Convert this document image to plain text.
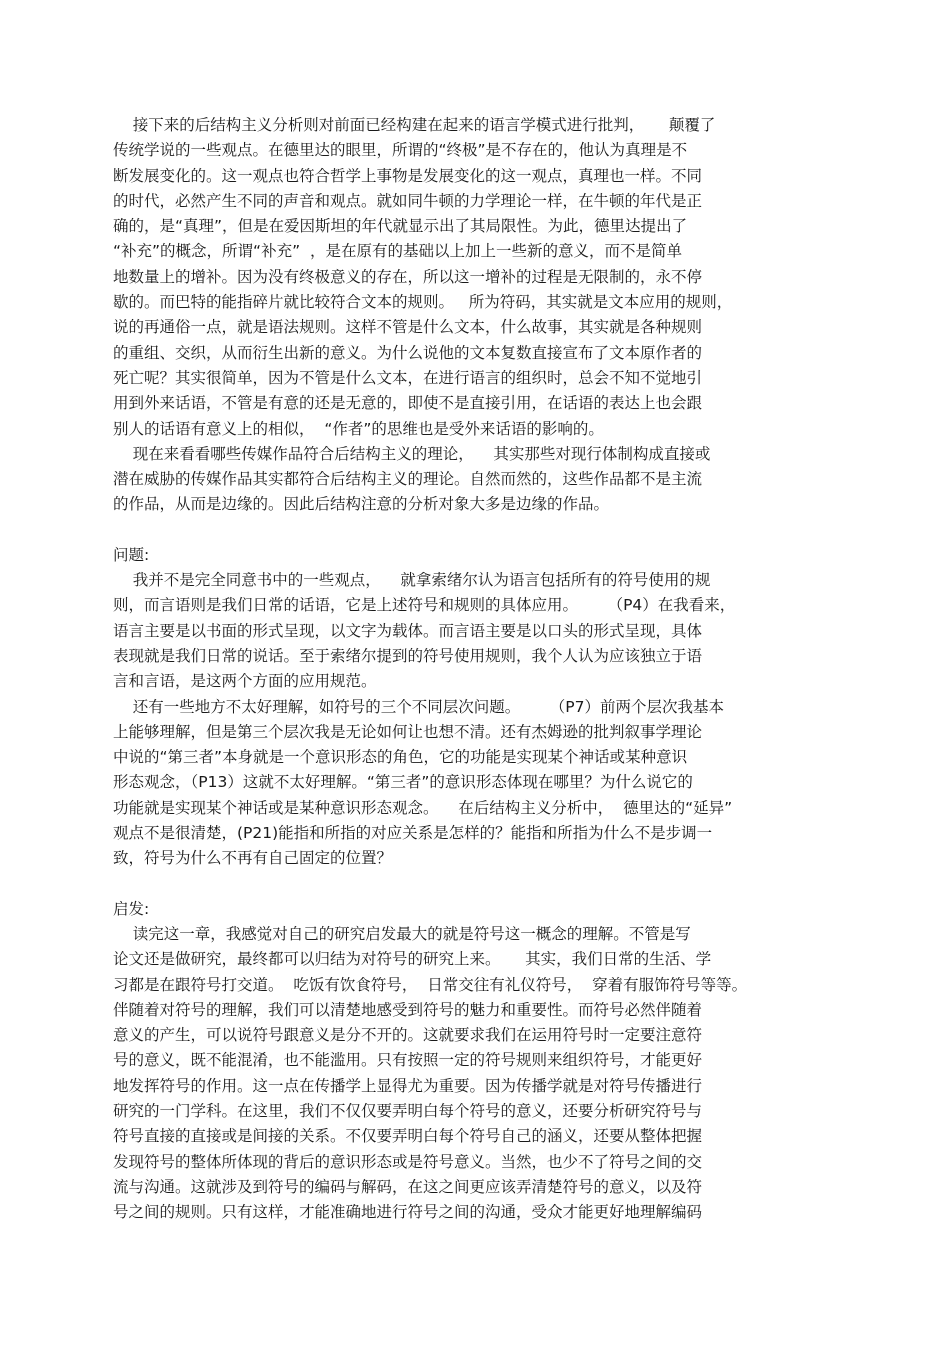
接下来的后结构主义分析则对前面已经构建在起来的语言学模式进行批判，     颠覆了
传统学说的一些观点。在德里达的眼里，所谓的“终极”是不存在的，他认为真理是不
断发展变化的。这一观点也符合哲学上事物是发展变化的这一观点，真理也一样。不同
的时代，必然产生不同的声音和观点。就如同牛顿的力学理论一样，在牛顿的年代是正
确的，是“真理”，但是在爱因斯坦的年代就显示出了其局限性。为此，德里达提出了
“补充”的概念，所谓“补充”  ，是在原有的基础以上加上一些新的意义，而不是简单
地数量上的增补。因为没有终极意义的存在，所以这一增补的过程是无限制的，永不停
歇的。而巴特的能指碎片就比较符合文本的规则。   所为符码，其实就是文本应用的规则，
说的再通俗一点，就是语法规则。这样不管是什么文本，什么故事，其实就是各种规则
的重组、交织，从而衍生出新的意义。为什么说他的文本复数直接宣布了文本原作者的
死亡呢？其实很简单，因为不管是什么文本，在进行语言的组织时，总会不知不觉地引
用到外来话语，不管是有意的还是无意的，即使不是直接引用，在话语的表达上也会跟
别人的话语有意义上的相似，  “作者”的思维也是受外来话语的影响的。
现在来看看哪些传媒作品符合后结构主义的理论，    其实那些对现行体制构成直接或
潜在威胁的传媒作品其实都符合后结构主义的理论。自然而然的，这些作品都不是主流
的作品，从而是边缘的。因此后结构注意的分析对象大多是边缘的作品。
问题:
我并不是完全同意书中的一些观点，    就拿索绪尔认为语言包括所有的符号使用的规
则，而言语则是我们日常的话语，它是上述符号和规则的具体应用。      （P4）在我看来，
语言主要是以书面的形式呈现，以文字为载体。而言语主要是以口头的形式呈现，具体
表现就是我们日常的说话。至于索绪尔提到的符号使用规则，我个人认为应该独立于语
言和言语，是这两个方面的应用规范。
还有一些地方不太好理解，如符号的三个不同层次问题。      （P7）前两个层次我基本
上能够理解，但是第三个层次我是无论如何让也想不清。还有杰姆逊的批判叙事学理论
中说的“第三者”本身就是一个意识形态的角色，它的功能是实现某个神话或某种意识
形态观念，（P13）这就不太好理解。“第三者”的意识形态体现在哪里？为什么说它的
功能就是实现某个神话或是某种意识形态观念。    在后结构主义分析中，  德里达的“延异”
观点不是很清楚，(P21)能指和所指的对应关系是怎样的？能指和所指为什么不是步调一
致，符号为什么不再有自己固定的位置？
启发:
读完这一章，我感觉对自己的研究启发最大的就是符号这一概念的理解。不管是写
论文还是做研究，最终都可以归结为对符号的研究上来。     其实，我们日常的生活、学
习都是在跟符号打交道。  吃饭有饮食符号，  日常交往有礼仪符号，  穿着有服饰符号等等。
伴随着对符号的理解，我们可以清楚地感受到符号的魅力和重要性。而符号必然伴随着
意义的产生，可以说符号跟意义是分不开的。这就要求我们在运用符号时一定要注意符
号的意义，既不能混淆，也不能滥用。只有按照一定的符号规则来组织符号，才能更好
地发挥符号的作用。这一点在传播学上显得尤为重要。因为传播学就是对符号传播进行
研究的一门学科。在这里，我们不仅仅要弄明白每个符号的意义，还要分析研究符号与
符号直接的直接或是间接的关系。不仅要弄明白每个符号自己的涵义，还要从整体把握
发现符号的整体所体现的背后的意识形态或是符号意义。当然，也少不了符号之间的交
流与沟通。这就涉及到符号的编码与解码，在这之间更应该弄清楚符号的意义，以及符
号之间的规则。只有这样，才能准确地进行符号之间的沟通，受众才能更好地理解编码
